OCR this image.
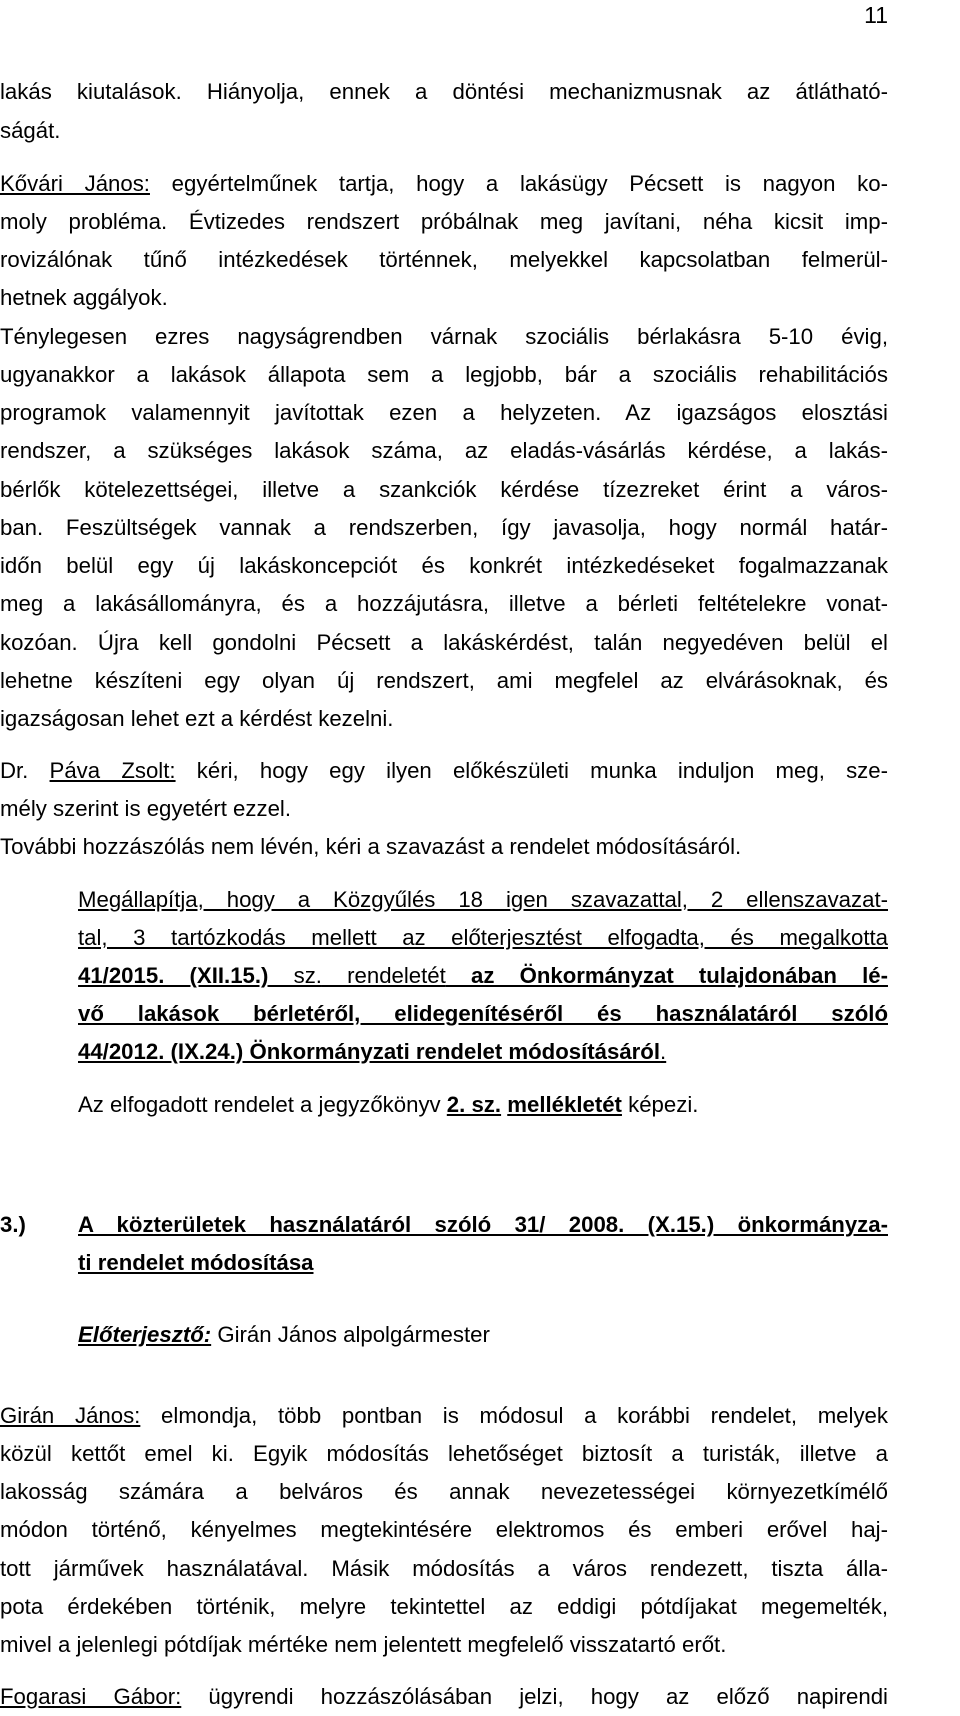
11
lakás kiutalások. Hiányolja, ennek a döntési mechanizmusnak az átlátható-
ságát.
Kővári János: egyértelműnek tartja, hogy a lakásügy Pécsett is nagyon ko-
moly probléma. Évtizedes rendszert próbálnak meg javítani, néha kicsit imp-
rovizálónak tűnő intézkedések történnek, melyekkel kapcsolatban felmerül-
hetnek aggályok.
Ténylegesen ezres nagyságrendben várnak szociális bérlakásra 5-10 évig,
ugyanakkor a lakások állapota sem a legjobb, bár a szociális rehabilitációs
programok valamennyit javítottak ezen a helyzeten. Az igazságos elosztási
rendszer, a szükséges lakások száma, az eladás-vásárlás kérdése, a lakás-
bérlők kötelezettségei, illetve a szankciók kérdése tízezreket érint a város-
ban. Feszültségek vannak a rendszerben, így javasolja, hogy normál határ-
időn belül egy új lakáskoncepciót és konkrét intézkedéseket fogalmazzanak
meg a lakásállományra, és a hozzájutásra, illetve a bérleti feltételekre vonat-
kozóan. Újra kell gondolni Pécsett a lakáskérdést, talán negyedéven belül el
lehetne készíteni egy olyan új rendszert, ami megfelel az elvárásoknak, és
igazságosan lehet ezt a kérdést kezelni.
Dr. Páva Zsolt: kéri, hogy egy ilyen előkészületi munka induljon meg, sze-
mély szerint is egyetért ezzel.
További hozzászólás nem lévén, kéri a szavazást a rendelet módosításáról.
Megállapítja, hogy a Közgyűlés 18 igen szavazattal, 2 ellenszavazat-
tal, 3 tartózkodás mellett az előterjesztést elfogadta, és megalkotta
41/2015. (XII.15.) sz. rendeletét az Önkormányzat tulajdonában lé-
vő lakások bérletéről, elidegenítéséről és használatáról szóló
44/2012. (IX.24.) Önkormányzati rendelet módosításáról.
Az elfogadott rendelet a jegyzőkönyv 2. sz. mellékletét képezi.
3.)	A közterületek használatáról szóló 31/ 2008. (X.15.) önkormányza-
ti rendelet módosítása
Előterjesztő: Girán János alpolgármester
Girán János: elmondja, több pontban is módosul a korábbi rendelet, melyek
közül kettőt emel ki. Egyik módosítás lehetőséget biztosít a turisták, illetve a
lakosság számára a belváros és annak nevezetességei környezetkímélő
módon történő, kényelmes megtekintésére elektromos és emberi erővel haj-
tott járművek használatával. Másik módosítás a város rendezett, tiszta álla-
pota érdekében történik, melyre tekintettel az eddigi pótdíjakat megemelték,
mivel a jelenlegi pótdíjak mértéke nem jelentett megfelelő visszatartó erőt.
Fogarasi Gábor: ügyrendi hozzászólásában jelzi, hogy az előző napirendi
